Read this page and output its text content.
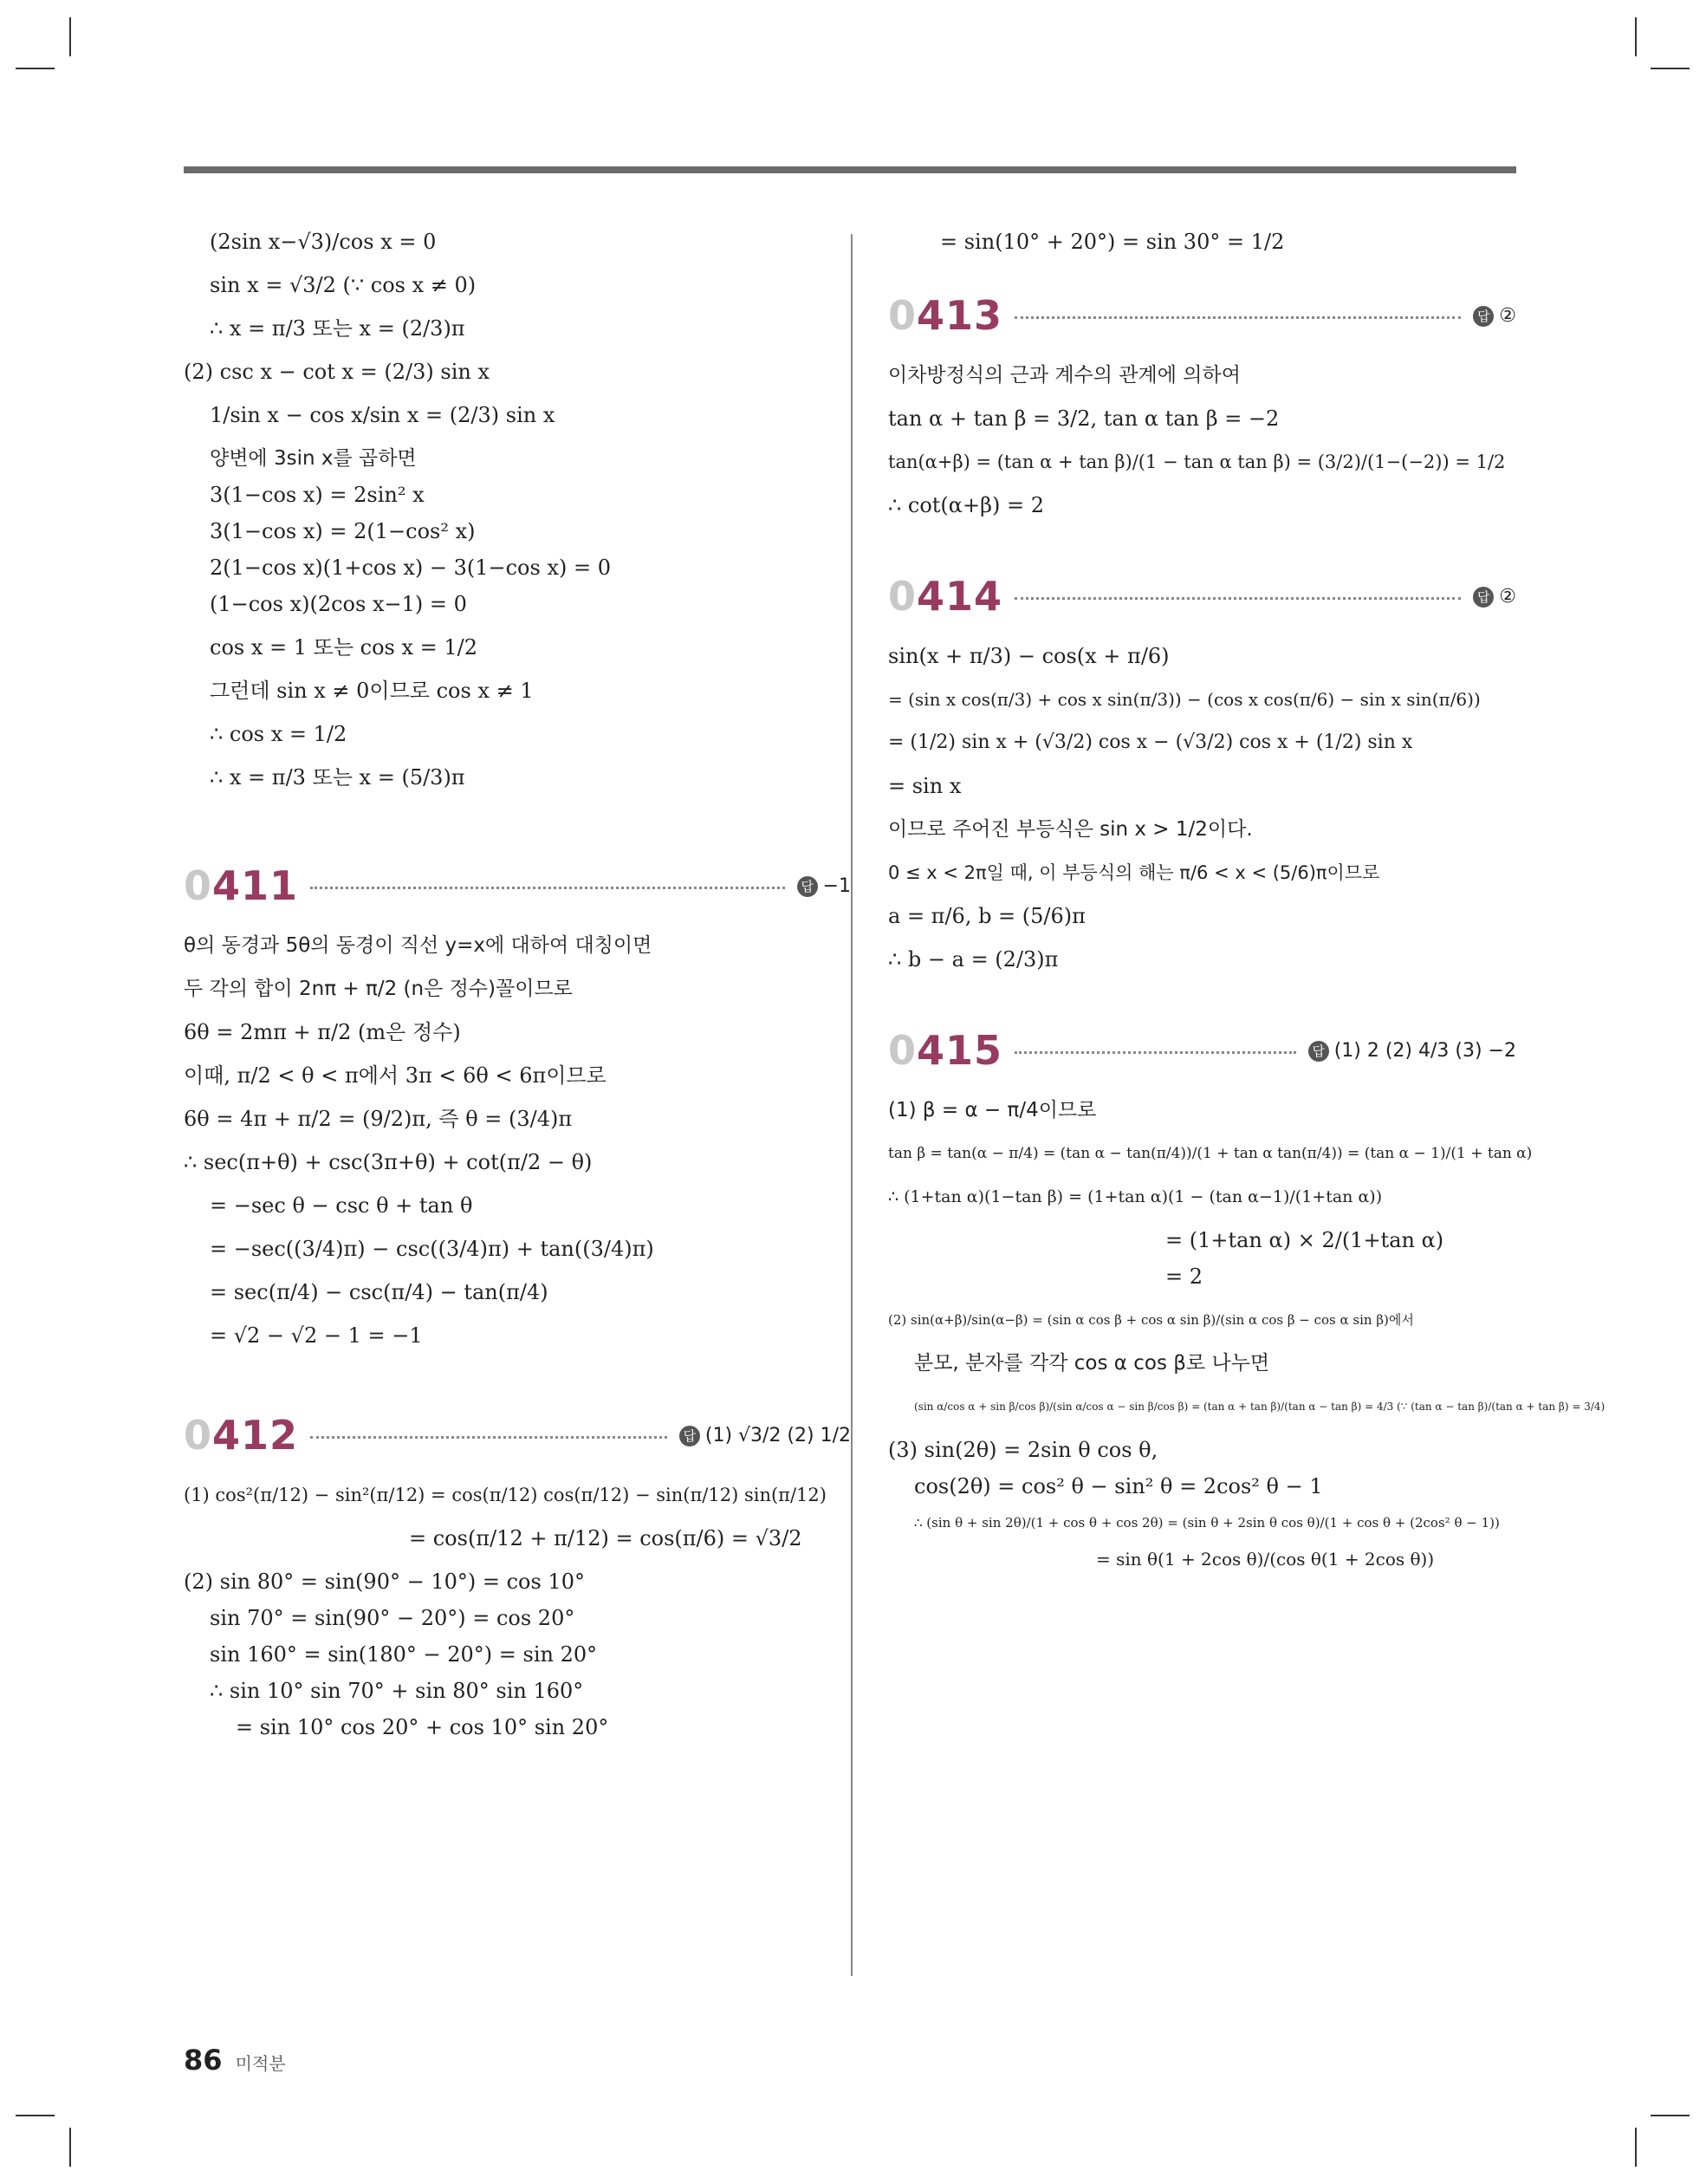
(2sin x−√3)/cos x = 0
sin x = √3/2 (∵ cos x ≠ 0)
∴ x = π/3 또는 x = (2/3)π
(2) csc x − cot x = (2/3) sin x
1/sin x − cos x/sin x = (2/3) sin x
양변에 3sin x를 곱하면
3(1−cos x) = 2sin² x
3(1−cos x) = 2(1−cos² x)
2(1−cos x)(1+cos x) − 3(1−cos x) = 0
(1−cos x)(2cos x−1) = 0
cos x = 1 또는 cos x = 1/2
그런데 sin x ≠ 0이므로 cos x ≠ 1
∴ cos x = 1/2
∴ x = π/3 또는 x = (5/3)π
0411	답 −1
θ의 동경과 5θ의 동경이 직선 y=x에 대하여 대칭이면
두 각의 합이 2nπ + π/2 (n은 정수)꼴이므로
6θ = 2mπ + π/2 (m은 정수)
이때, π/2 < θ < π에서 3π < 6θ < 6π이므로
6θ = 4π + π/2 = (9/2)π, 즉 θ = (3/4)π
∴ sec(π+θ) + csc(3π+θ) + cot(π/2 − θ)
= −sec θ − csc θ + tan θ
= −sec((3/4)π) − csc((3/4)π) + tan((3/4)π)
= sec(π/4) − csc(π/4) − tan(π/4)
= √2 − √2 − 1 = −1
0412	답 (1) √3/2 (2) 1/2
(1) cos²(π/12) − sin²(π/12) = cos(π/12) cos(π/12) − sin(π/12) sin(π/12)
= cos(π/12 + π/12) = cos(π/6) = √3/2
(2) sin 80° = sin(90° − 10°) = cos 10°
sin 70° = sin(90° − 20°) = cos 20°
sin 160° = sin(180° − 20°) = sin 20°
∴ sin 10° sin 70° + sin 80° sin 160°
= sin 10° cos 20° + cos 10° sin 20°
= sin(10° + 20°) = sin 30° = 1/2
0413	답 ②
이차방정식의 근과 계수의 관계에 의하여
tan α + tan β = 3/2, tan α tan β = −2
tan(α+β) = (tan α + tan β)/(1 − tan α tan β) = (3/2)/(1−(−2)) = 1/2
∴ cot(α+β) = 2
0414	답 ②
sin(x + π/3) − cos(x + π/6)
= (sin x cos(π/3) + cos x sin(π/3)) − (cos x cos(π/6) − sin x sin(π/6))
= (1/2) sin x + (√3/2) cos x − (√3/2) cos x + (1/2) sin x
= sin x
이므로 주어진 부등식은 sin x > 1/2이다.
0 ≤ x < 2π일 때, 이 부등식의 해는 π/6 < x < (5/6)π이므로
a = π/6, b = (5/6)π
∴ b − a = (2/3)π
0415	답 (1) 2 (2) 4/3 (3) −2
(1) β = α − π/4이므로
tan β = tan(α − π/4) = (tan α − tan(π/4))/(1 + tan α tan(π/4)) = (tan α − 1)/(1 + tan α)
∴ (1+tan α)(1−tan β) = (1+tan α)(1 − (tan α−1)/(1+tan α))
= (1+tan α) × 2/(1+tan α)
= 2
(2) sin(α+β)/sin(α−β) = (sin α cos β + cos α sin β)/(sin α cos β − cos α sin β)에서
분모, 분자를 각각 cos α cos β로 나누면
(sin α/cos α + sin β/cos β)/(sin α/cos α − sin β/cos β) = (tan α + tan β)/(tan α − tan β) = 4/3 (∵ (tan α − tan β)/(tan α + tan β) = 3/4)
(3) sin(2θ) = 2sin θ cos θ,
cos(2θ) = cos² θ − sin² θ = 2cos² θ − 1
∴ (sin θ + sin 2θ)/(1 + cos θ + cos 2θ) = (sin θ + 2sin θ cos θ)/(1 + cos θ + (2cos² θ − 1))
= sin θ(1 + 2cos θ)/(cos θ(1 + 2cos θ))
86 미적분
